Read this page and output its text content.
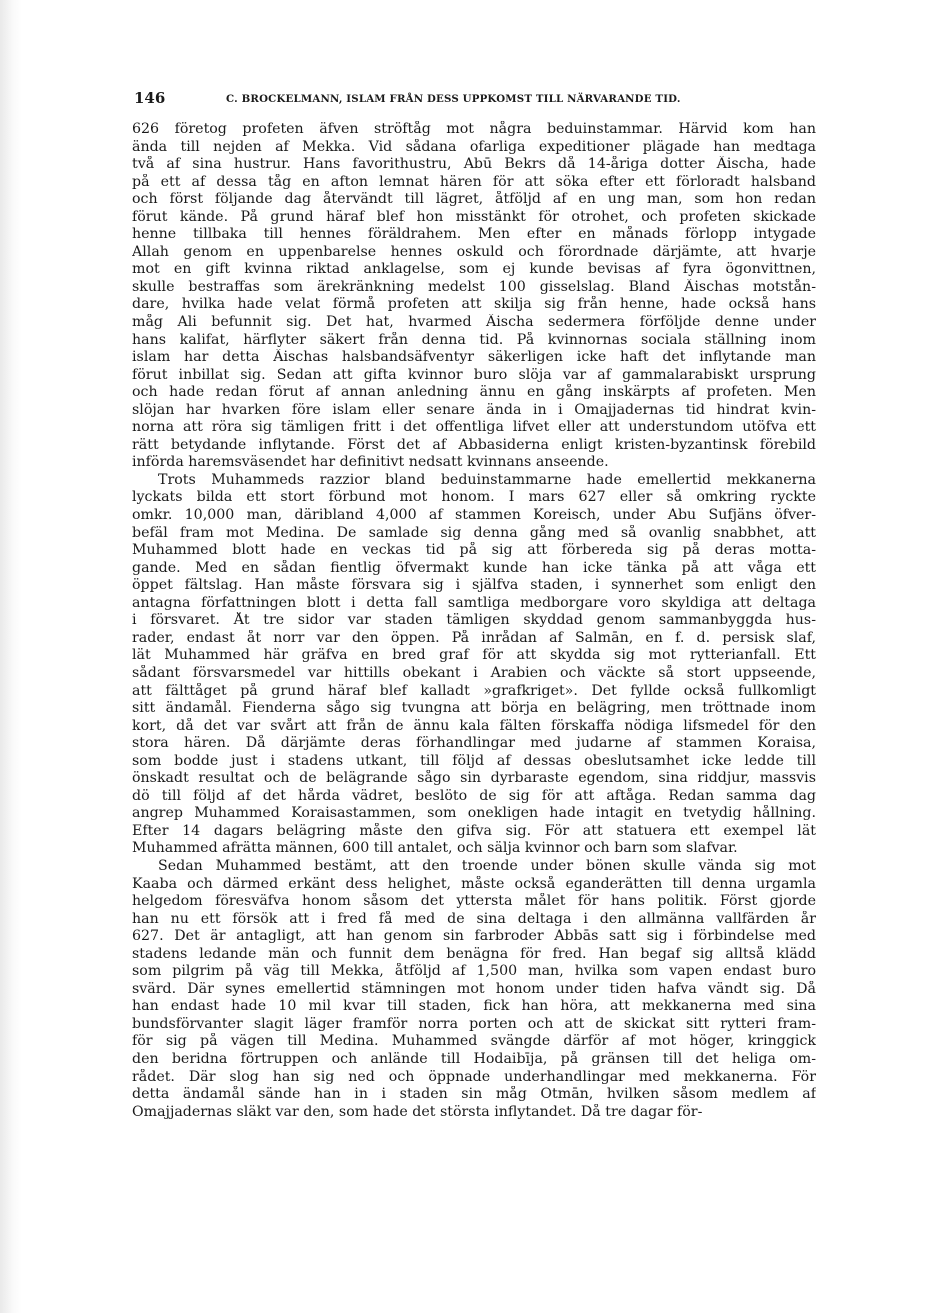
146	C. BROCKELMANN, ISLAM FRÅN DESS UPPKOMST TILL NÄRVARANDE TID.
626 företog profeten äfven ströftåg mot några beduinstammar. Härvid kom han
ända till nejden af Mekka. Vid sådana ofarliga expeditioner plägade han medtaga
två af sina hustrur. Hans favorithustru, Abū Bekrs då 14-åriga dotter Äischa, hade
på ett af dessa tåg en afton lemnat hären för att söka efter ett förloradt halsband
och först följande dag återvändt till lägret, åtföljd af en ung man, som hon redan
förut kände. På grund häraf blef hon misstänkt för otrohet, och profeten skickade
henne tillbaka till hennes föräldrahem. Men efter en månads förlopp intygade
Allah genom en uppenbarelse hennes oskuld och förordnade därjämte, att hvarje
mot en gift kvinna riktad anklagelse, som ej kunde bevisas af fyra ögonvittnen,
skulle bestraffas som ärekränkning medelst 100 gisselslag. Bland Äischas motstån-
dare, hvilka hade velat förmå profeten att skilja sig från henne, hade också hans
måg Ali befunnit sig. Det hat, hvarmed Äischa sedermera förföljde denne under
hans kalifat, härflyter säkert från denna tid. På kvinnornas sociala ställning inom
islam har detta Äischas halsbandsäfventyr säkerligen icke haft det inflytande man
förut inbillat sig. Sedan att gifta kvinnor buro slöja var af gammalarabiskt ursprung
och hade redan förut af annan anledning ännu en gång inskärpts af profeten. Men
slöjan har hvarken före islam eller senare ända in i Omajjadernas tid hindrat kvin-
norna att röra sig tämligen fritt i det offentliga lifvet eller att understundom utöfva ett
rätt betydande inflytande. Först det af Abbasiderna enligt kristen-byzantinsk förebild
införda haremsväsendet har definitivt nedsatt kvinnans anseende.
Trots Muhammeds razzior bland beduinstammarne hade emellertid mekkanerna
lyckats bilda ett stort förbund mot honom. I mars 627 eller så omkring ryckte
omkr. 10,000 man, däribland 4,000 af stammen Koreisch, under Abu Sufjäns öfver-
befäl fram mot Medina. De samlade sig denna gång med så ovanlig snabbhet, att
Muhammed blott hade en veckas tid på sig att förbereda sig på deras motta-
gande. Med en sådan fientlig öfvermakt kunde han icke tänka på att våga ett
öppet fältslag. Han måste försvara sig i själfva staden, i synnerhet som enligt den
antagna författningen blott i detta fall samtliga medborgare voro skyldiga att deltaga
i försvaret. Åt tre sidor var staden tämligen skyddad genom sammanbyggda hus-
rader, endast åt norr var den öppen. På inrådan af Salmān, en f. d. persisk slaf,
lät Muhammed här gräfva en bred graf för att skydda sig mot rytterianfall. Ett
sådant försvarsmedel var hittills obekant i Arabien och väckte så stort uppseende,
att fälttåget på grund häraf blef kalladt »grafkriget». Det fyllde också fullkomligt
sitt ändamål. Fienderna sågo sig tvungna att börja en belägring, men tröttnade inom
kort, då det var svårt att från de ännu kala fälten förskaffa nödiga lifsmedel för den
stora hären. Då därjämte deras förhandlingar med judarne af stammen Koraisa,
som bodde just i stadens utkant, till följd af dessas obeslutsamhet icke ledde till
önskadt resultat och de belägrande sågo sin dyrbaraste egendom, sina riddjur, massvis
dö till följd af det hårda vädret, beslöto de sig för att aftåga. Redan samma dag
angrep Muhammed Koraisastammen, som onekligen hade intagit en tvetydig hållning.
Efter 14 dagars belägring måste den gifva sig. För att statuera ett exempel lät
Muhammed afrätta männen, 600 till antalet, och sälja kvinnor och barn som slafvar.
Sedan Muhammed bestämt, att den troende under bönen skulle vända sig mot
Kaaba och därmed erkänt dess helighet, måste också eganderätten till denna urgamla
helgedom föresväfva honom såsom det yttersta målet för hans politik. Först gjorde
han nu ett försök att i fred få med de sina deltaga i den allmänna vallfärden år
627. Det är antagligt, att han genom sin farbroder Abbās satt sig i förbindelse med
stadens ledande män och funnit dem benägna för fred. Han begaf sig alltså klädd
som pilgrim på väg till Mekka, åtföljd af 1,500 man, hvilka som vapen endast buro
svärd. Där synes emellertid stämningen mot honom under tiden hafva vändt sig. Då
han endast hade 10 mil kvar till staden, fick han höra, att mekkanerna med sina
bundsförvanter slagit läger framför norra porten och att de skickat sitt rytteri fram-
för sig på vägen till Medina. Muhammed svängde därför af mot höger, kringgick
den beridna förtruppen och anlände till Hodaibīja, på gränsen till det heliga om-
rådet. Där slog han sig ned och öppnade underhandlingar med mekkanerna. För
detta ändamål sände han in i staden sin måg Otmān, hvilken såsom medlem af
Omajjadernas släkt var den, som hade det största inflytandet. Då tre dagar för-
